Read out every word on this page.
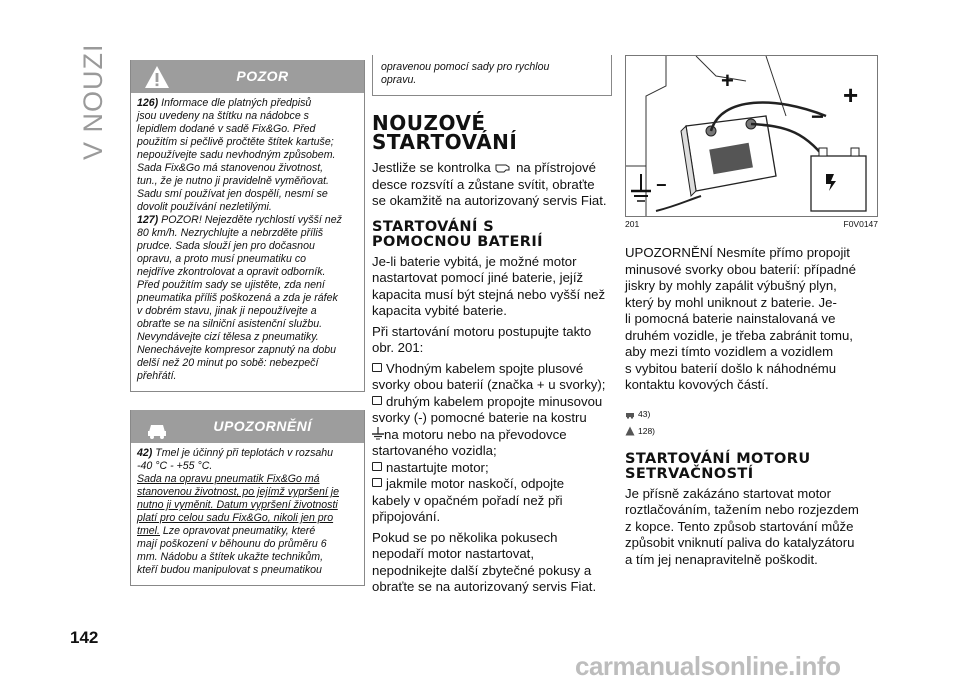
V NOUZI
142
carmanualsonline.info
POZOR
126) Informace dle platných předpisů
jsou uvedeny na štítku na nádobce s
lepidlem dodané v sadě Fix&Go. Před
použitím si pečlivě pročtěte štítek kartuše;
nepoužívejte sadu nevhodným způsobem.
Sada Fix&Go má stanovenou životnost,
tun., že je nutno ji pravidelně vyměňovat.
Sadu smí používat jen dospělí, nesmí se
dovolit používání nezletilými.
127) POZOR! Nejezděte rychlostí vyšší než
80 km/h. Nezrychlujte a nebrzděte příliš
prudce. Sada slouží jen pro dočasnou
opravu, a proto musí pneumatiku co
nejdříve zkontrolovat a opravit odborník.
Před použitím sady se ujistěte, zda není
pneumatika příliš poškozená a zda je ráfek
v dobrém stavu, jinak ji nepoužívejte a
obraťte se na silniční asistenční službu.
Nevyndávejte cizí tělesa z pneumatiky.
Nenechávejte kompresor zapnutý na dobu
delší než 20 minut po sobě: nebezpečí
přehřátí.
UPOZORNĚNÍ
42) Tmel je účinný při teplotách v rozsahu
-40 °C - +55 °C.
Sada na opravu pneumatik Fix&Go má
stanovenou životnost, po jejímž vypršení je
nutno ji vyměnit. Datum vypršení životnosti
platí pro celou sadu Fix&Go, nikoli jen pro
tmel. Lze opravovat pneumatiky, které
mají poškození v běhounu do průměru 6
mm. Nádobu a štítek ukažte technikům,
kteří budou manipulovat s pneumatikou
opravenou pomocí sady pro rychlou
opravu.
NOUZOVÉ
STARTOVÁNÍ

Jestliže se kontrolka  na přístrojové
desce rozsvítí a zůstane svítit, obraťte
se okamžitě na autorizovaný servis Fiat.

STARTOVÁNÍ S
POMOCNOU BATERIÍ

Je-li baterie vybitá, je možné motor
nastartovat pomocí jiné baterie, jejíž
kapacita musí být stejná nebo vyšší než
kapacita vybité baterie.

Při startování motoru postupujte takto
obr. 201:

Vhodným kabelem spojte plusové
svorky obou baterií (značka + u svorky);

druhým kabelem propojte minusovou
svorky (-) pomocné baterie na kostru
na motoru nebo na převodovce
startovaného vozidla;

nastartujte motor;

jakmile motor naskočí, odpojte
kabely v opačném pořadí než při
připojování.

Pokud se po několika pokusech
nepodaří motor nastartovat,
nepodnikejte další zbytečné pokusy a
obraťte se na autorizovaný servis Fiat.

+	+
−
−
201	F0V0147

UPOZORNĚNÍ Nesmíte přímo propojit
minusové svorky obou baterií: případné
jiskry by mohly zapálit výbušný plyn,
který by mohl uniknout z baterie. Je-
li pomocná baterie nainstalovaná ve
druhém vozidle, je třeba zabránit tomu,
aby mezi tímto vozidlem a vozidlem
s vybitou baterií došlo k náhodnému
kontaktu kovových částí.

43)
128)
STARTOVÁNÍ MOTORU
SETRVAČNOSTÍ

Je přísně zakázáno startovat motor
roztlačováním, tažením nebo rozjezdem
z kopce. Tento způsob startování může
způsobit vniknutí paliva do katalyzátoru
a tím jej nenapravitelně poškodit.
